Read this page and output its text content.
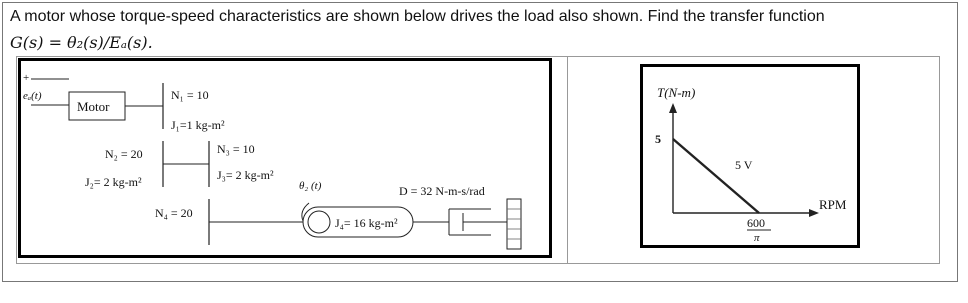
A motor whose torque-speed characteristics are shown below drives the load also shown. Find the transfer function
G(s) = θ₂(s)/Eₐ(s).
+
eₐ(t)
Motor
N₁ = 10
J₁=1 kg-m²
N₂ = 20
J₂= 2 kg-m²
N₃ = 10
J₃= 2 kg-m²
N₄ = 20
θ₂ (t)
J₄= 16 kg-m²
D = 32 N-m-s/rad
T(N-m)
5
RPM
5 V
600
π
